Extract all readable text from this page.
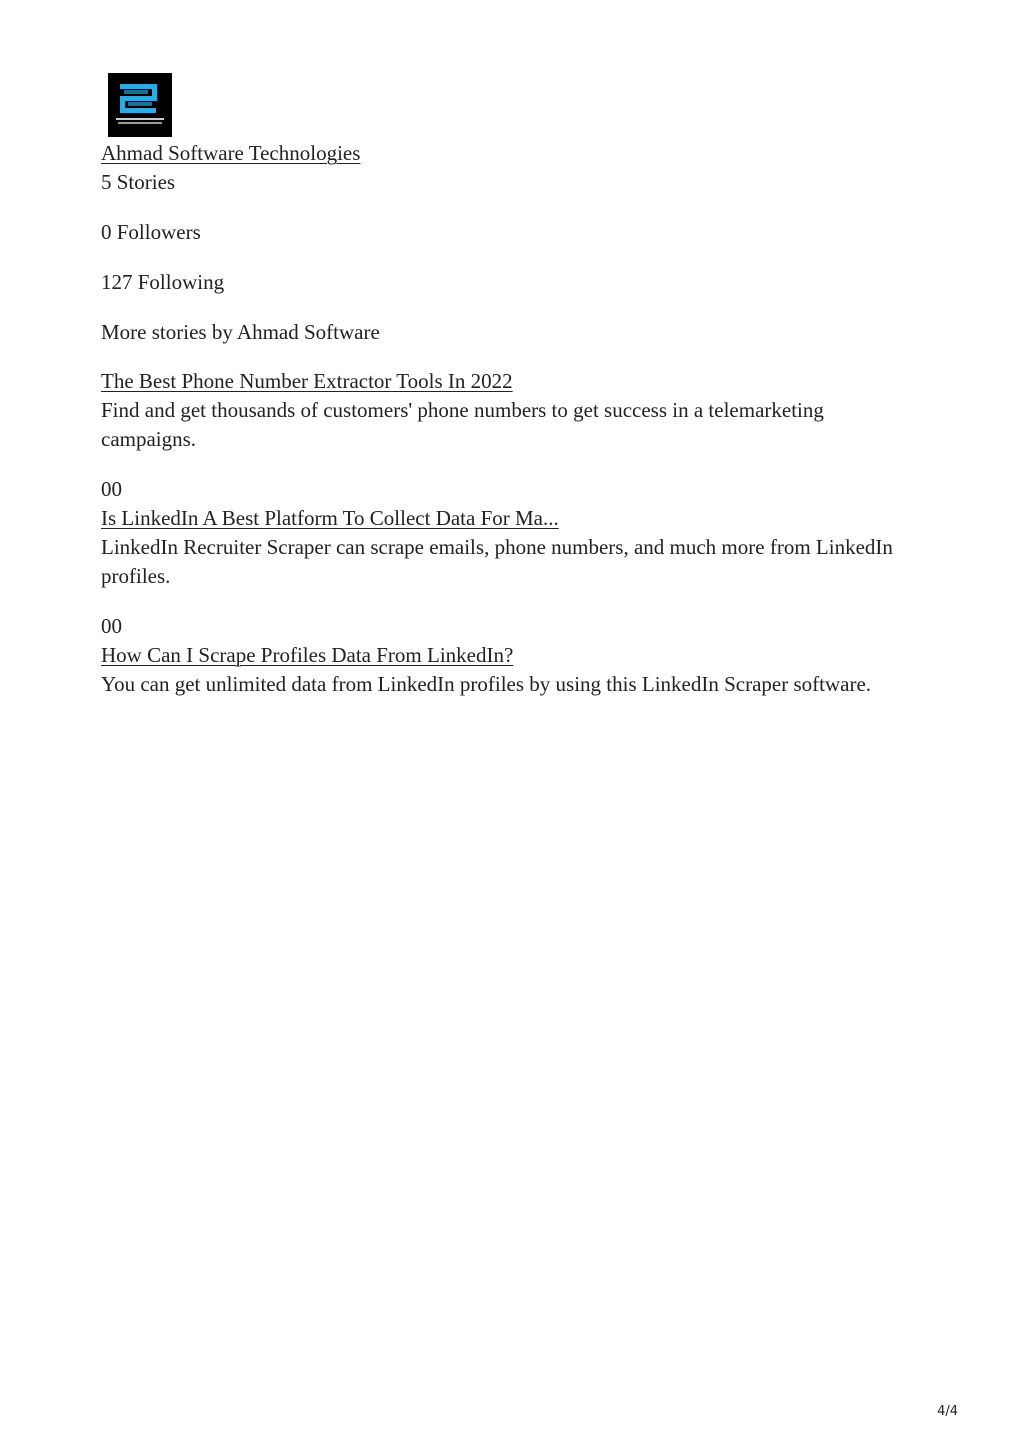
Ahmad Software Technologies
5 Stories
0 Followers
127 Following
More stories by Ahmad Software
The Best Phone Number Extractor Tools In 2022

Find and get thousands of customers' phone numbers to get success in a telemarketing campaigns.

00
Is LinkedIn A Best Platform To Collect Data For Ma...

LinkedIn Recruiter Scraper can scrape emails, phone numbers, and much more from LinkedIn profiles.

00
How Can I Scrape Profiles Data From LinkedIn?

You can get unlimited data from LinkedIn profiles by using this LinkedIn Scraper software.

4/4
